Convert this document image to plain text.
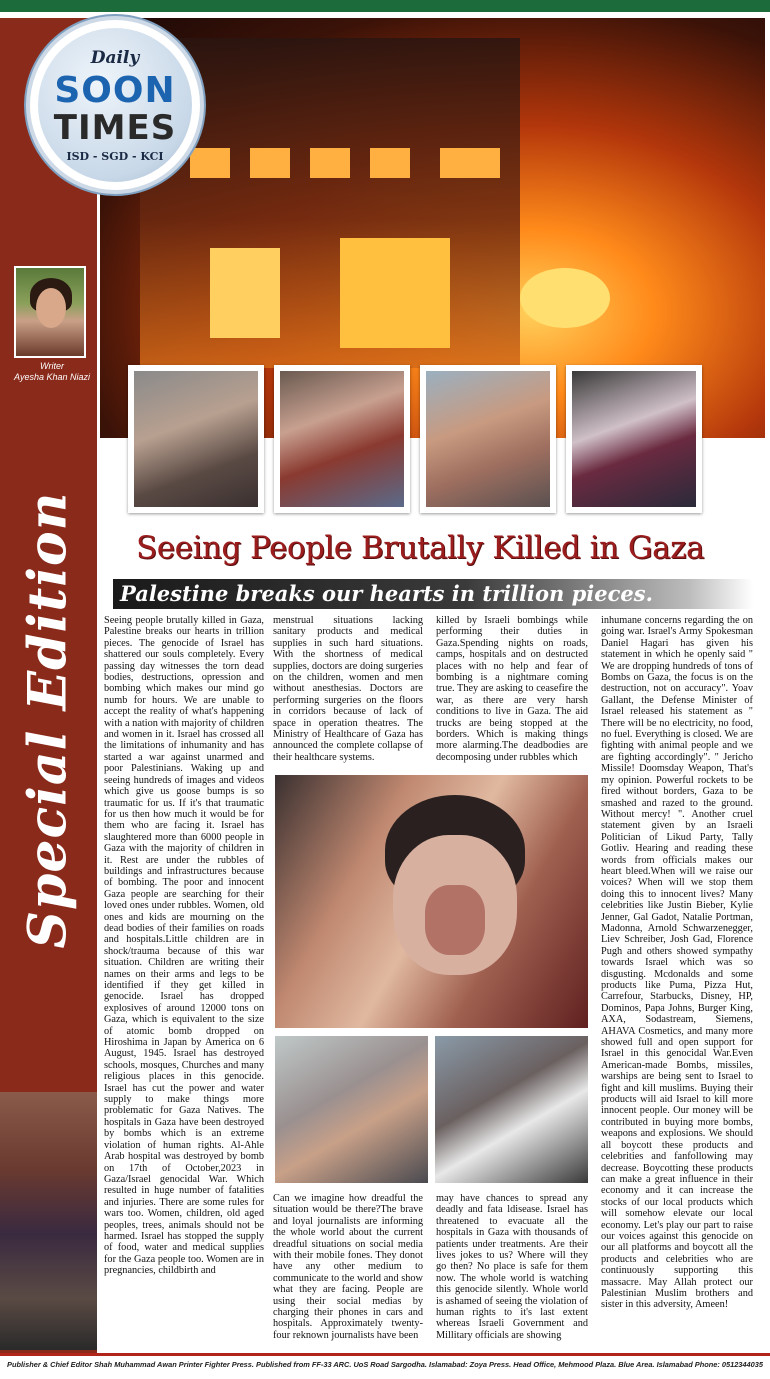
Daily
SOON
TIMES
ISD - SGD - KCI
Writer
Ayesha Khan Niazi
Special Edition	Seeing People Brutally Killed in Gaza
Palestine breaks our hearts in trillion pieces.
Seeing people brutally killed in Gaza, Palestine breaks our hearts in trillion pieces. The genocide of Israel has shattered our souls completely. Every passing day witnesses the torn dead bodies, destructions, opression and bombing which makes our mind go numb for hours. We are unable to accept the reality of what's happening with a nation with majority of children and women in it. Israel has crossed all the limitations of inhumanity and has started a war against unarmed and poor Palestinians. Waking up and seeing hundreds of images and videos which give us goose bumps is so traumatic for us. If it's that traumatic for us then how much it would be for them who are facing it. Israel has slaughtered more than 6000 people in Gaza with the majority of children in it. Rest are under the rubbles of buildings and infrastructures because of bombing. The poor and innocent Gaza people are searching for their loved ones under rubbles. Women, old ones and kids are mourning on the dead bodies of their families on roads and hospitals.Little children are in shock/trauma because of this war situation. Children are writing their names on their arms and legs to be identified if they get killed in genocide. Israel has dropped explosives of around 12000 tons on Gaza, which is equivalent to the size of atomic bomb dropped on Hiroshima in Japan by America on 6 August, 1945. Israel has destroyed schools, mosques, Churches and many religious places in this genocide. Israel has cut the power and water supply to make things more problematic for Gaza Natives. The hospitals in Gaza have been destroyed by bombs which is an extreme violation of human rights. Al-Ahle Arab hospital was destroyed by bomb on 17th of October,2023 in Gaza/Israel genocidal War. Which resulted in huge number of fatalities and injuries. There are some rules for wars too. Women, children, old aged peoples, trees, animals should not be harmed. Israel has stopped the supply of food, water and medical supplies for the Gaza people too. Women are in pregnancies, childbirth and
menstrual situations lacking sanitary products and medical supplies in such hard situations. With the shortness of medical supplies, doctors are doing surgeries on the children, women and men without anesthesias. Doctors are performing surgeries on the floors in corridors because of lack of space in operation theatres. The Ministry of Healthcare of Gaza has announced the complete collapse of their healthcare systems.
killed by Israeli bombings while performing their duties in Gaza.Spending nights on roads, camps, hospitals and on destructed places with no help and fear of bombing is a nightmare coming true. They are asking to ceasefire the war, as there are very harsh conditions to live in Gaza. The aid trucks are being stopped at the borders. Which is making things more alarming.The deadbodies are decomposing under rubbles which
inhumane concerns regarding the on going war. Israel's Army Spokesman Daniel Hagari has given his statement in which he openly said " We are dropping hundreds of tons of Bombs on Gaza, the focus is on the destruction, not on accuracy". Yoav Gallant, the Defense Minister of Israel released his statement as " There will be no electricity, no food, no fuel. Everything is closed. We are fighting with animal people and we are fighting accordingly". " Jericho Missile! Doomsday Weapon, That's my opinion. Powerful rockets to be fired without borders, Gaza to be smashed and razed to the ground. Without mercy! ". Another cruel statement given by an Israeli Politician of Likud Party, Tally Gotliv. Hearing and reading these words from officials makes our heart bleed.When will we raise our voices? When will we stop them doing this to innocent lives? Many celebrities like Justin Bieber, Kylie Jenner, Gal Gadot, Natalie Portman, Madonna, Arnold Schwarzenegger, Liev Schreiber, Josh Gad, Florence Pugh and others showed sympathy towards Israel which was so disgusting. Mcdonalds and some products like Puma, Pizza Hut, Carrefour, Starbucks, Disney, HP, Dominos, Papa Johns, Burger King, AXA, Sodastream, Siemens, AHAVA Cosmetics, and many more showed full and open support for Israel in this genocidal War.Even American-made Bombs, missiles, warships are being sent to Israel to fight and kill muslims. Buying their products will aid Israel to kill more innocent people. Our money will be contributed in buying more bombs, weapons and explosions. We should all boycott these products and celebrities and fanfollowing may decrease. Boycotting these products can make a great influence in their economy and it can increase the stocks of our local products which will somehow elevate our local economy. Let's play our part to raise our voices against this genocide on our all platforms and boycott all the products and celebrities who are continuously supporting this massacre. May Allah protect our Palestinian Muslim brothers and sister in this adversity, Ameen!
Can we imagine how dreadful the situation would be there?The brave and loyal journalists are informing the whole world about the current dreadful situations on social media with their mobile fones. They donot have any other medium to communicate to the world and show what they are facing. People are using their social medias by charging their phones in cars and hospitals. Approximately twenty-four reknown journalists have been
may have chances to spread any deadly and fata ldisease. Israel has threatened to evacuate all the hospitals in Gaza with thousands of patients under treatments. Are their lives jokes to us? Where will they go then? No place is safe for them now. The whole world is watching this genocide silently. Whole world is ashamed of seeing the violation of human rights to it's last extent whereas Israeli Government and Millitary officials are showing
Publisher & Chief Editor Shah Muhammad Awan Printer Fighter Press. Published from FF-33 ARC. UoS Road Sargodha. Islamabad: Zoya Press. Head Office, Mehmood Plaza. Blue Area. Islamabad Phone: 0512344035
